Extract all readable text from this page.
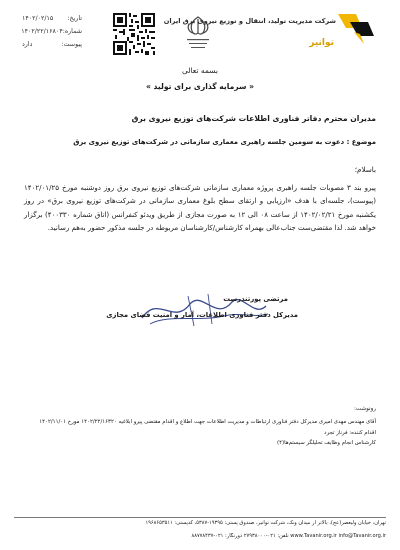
تاریخ:
۱۴۰۲/۰۲/۱۵
شماره:
۱۴۰۲/۲۲/۱۶۸۰۴
پیوست:
دارد
شرکت مدیریت تولید، انتقال و توزیع نیروی برق ایران
توانیر
بسمه تعالی
« سرمایه گذاری برای تولید »
مدیران محترم دفاتر فناوری اطلاعات شرکت‌های توزیع نیروی برق
موضوع : دعوت به سومین جلسه راهبری معماری سازمانی در شرکت‌های توزیع نیروی برق
باسلام؛
پیرو بند ۳ مصوبات جلسه راهبری پروژه معماری سازمانی شرکت‌های توزیع نیروی برق روز دوشنبه مورخ ۱۴۰۲/۰۱/۲۵ (پیوست)، جلسه‌ای با هدف «ارزیابی و ارتقای سطح بلوغ معماری سازمانی در شرکت‌های توزیع نیروی برق» در روز یکشنبه مورخ ۱۴۰۲/۰۲/۲۱ از ساعت ۰۸ الی ۱۲ به صورت مجازی از طریق ویدئو کنفرانس (اتاق شماره ۴۰۰۳۳۰) برگزار خواهد شد. لذا مقتضی‌ست جناب‌عالی بهمراه کارشناس/کارشناسان مربوطه در جلسه مذکور حضور به‌هم رسانید.
مرتضی پورتندرست
مدیرکل دفتر فناوری اطلاعات، آمار و امنیت فضای مجازی
رونوشت:
آقای مهندس مهدی امیری مدیرکل دفتر فناوری ارتباطات و مدیریت اطلاعات جهت اطلاع و اقدام مقتضی پیرو ابلاغیه ۱۴۰۲/۲۲/۱۶۳۲۰ مورخ ۱۴۰۲/۱۱/۰۱
اقدام کننده: فرناز تجرد
کارشناس انجام وظایف تحلیلگر سیستم‌ها(۴)
تهران، خیابان ولیعصر(عج)، بالاتر از میدان ونک، شرکت توانیر، صندوق پستی: ۱۹۳۹۵-۵۳۸۷، کدپستی: ۱۹۶۸۶۵۳۵۱۱
www.Tavanir.org.ir info@Tavanir.org.ir تلفن: ۰۲۱-۲۷۹۳۸۰۰۰ دورنگار: ۰۲۱-۸۸۷۷۸۴۳۷
